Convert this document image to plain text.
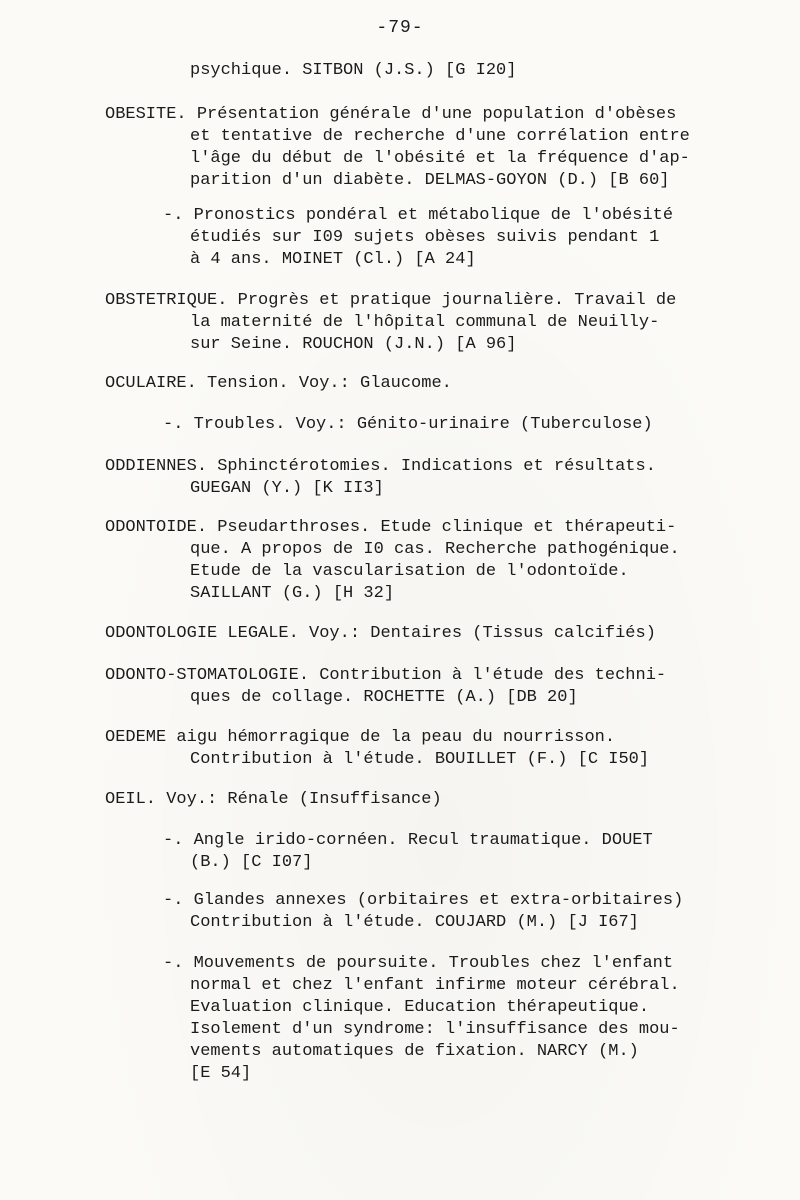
-79-
psychique. SITBON (J.S.) [G I20]
OBESITE. Présentation générale d'une population d'obèses
et tentative de recherche d'une corrélation entre
l'âge du début de l'obésité et la fréquence d'ap-
parition d'un diabète. DELMAS-GOYON (D.) [B 60]
-. Pronostics pondéral et métabolique de l'obésité
étudiés sur I09 sujets obèses suivis pendant 1
à 4 ans. MOINET (Cl.) [A 24]
OBSTETRIQUE. Progrès et pratique journalière. Travail de
la maternité de l'hôpital communal de Neuilly-
sur Seine. ROUCHON (J.N.) [A 96]
OCULAIRE. Tension. Voy.: Glaucome.
-. Troubles. Voy.: Génito-urinaire (Tuberculose)
ODDIENNES. Sphinctérotomies. Indications et résultats.
GUEGAN (Y.) [K II3]
ODONTOIDE. Pseudarthroses. Etude clinique et thérapeuti-
que. A propos de I0 cas. Recherche pathogénique.
Etude de la vascularisation de l'odontoïde.
SAILLANT (G.) [H 32]
ODONTOLOGIE LEGALE. Voy.: Dentaires (Tissus calcifiés)
ODONTO-STOMATOLOGIE. Contribution à l'étude des techni-
ques de collage. ROCHETTE (A.) [DB 20]
OEDEME aigu hémorragique de la peau du nourrisson.
Contribution à l'étude. BOUILLET (F.) [C I50]
OEIL. Voy.: Rénale (Insuffisance)
-. Angle irido-cornéen. Recul traumatique. DOUET
(B.) [C I07]
-. Glandes annexes (orbitaires et extra-orbitaires)
Contribution à l'étude. COUJARD (M.) [J I67]
-. Mouvements de poursuite. Troubles chez l'enfant
normal et chez l'enfant infirme moteur cérébral.
Evaluation clinique. Education thérapeutique.
Isolement d'un syndrome: l'insuffisance des mou-
vements automatiques de fixation. NARCY (M.)
[E 54]
